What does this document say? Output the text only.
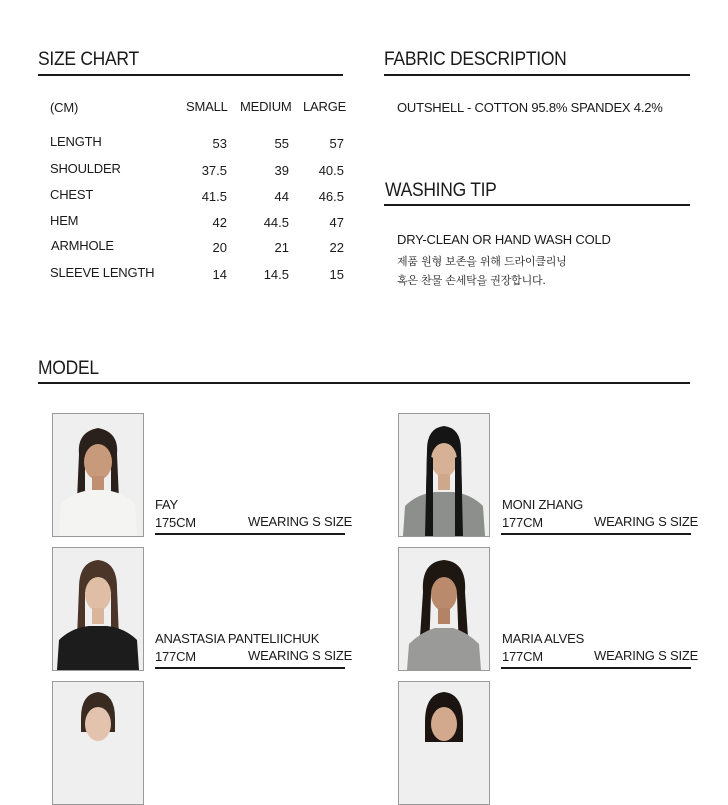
SIZE CHART
(CM)	SMALL MEDIUM LARGE
LENGTH	53	55	57
SHOULDER	37.5	39	40.5
CHEST	41.5	44	46.5
HEM	42	44.5	47
ARMHOLE	20	21	22
SLEEVE LENGTH	14	14.5	15
FABRIC DESCRIPTION
OUTSHELL - COTTON 95.8% SPANDEX 4.2%
WASHING TIP
DRY-CLEAN OR HAND WASH COLD
제품 원형 보존을 위해 드라이클리닝
혹은 찬물 손세탁을 권장합니다.
MODEL
FAY
175CM	WEARING S SIZE
MONI ZHANG
177CM	WEARING S SIZE
ANASTASIA PANTELIICHUK
177CM	WEARING S SIZE
MARIA ALVES
177CM	WEARING S SIZE
